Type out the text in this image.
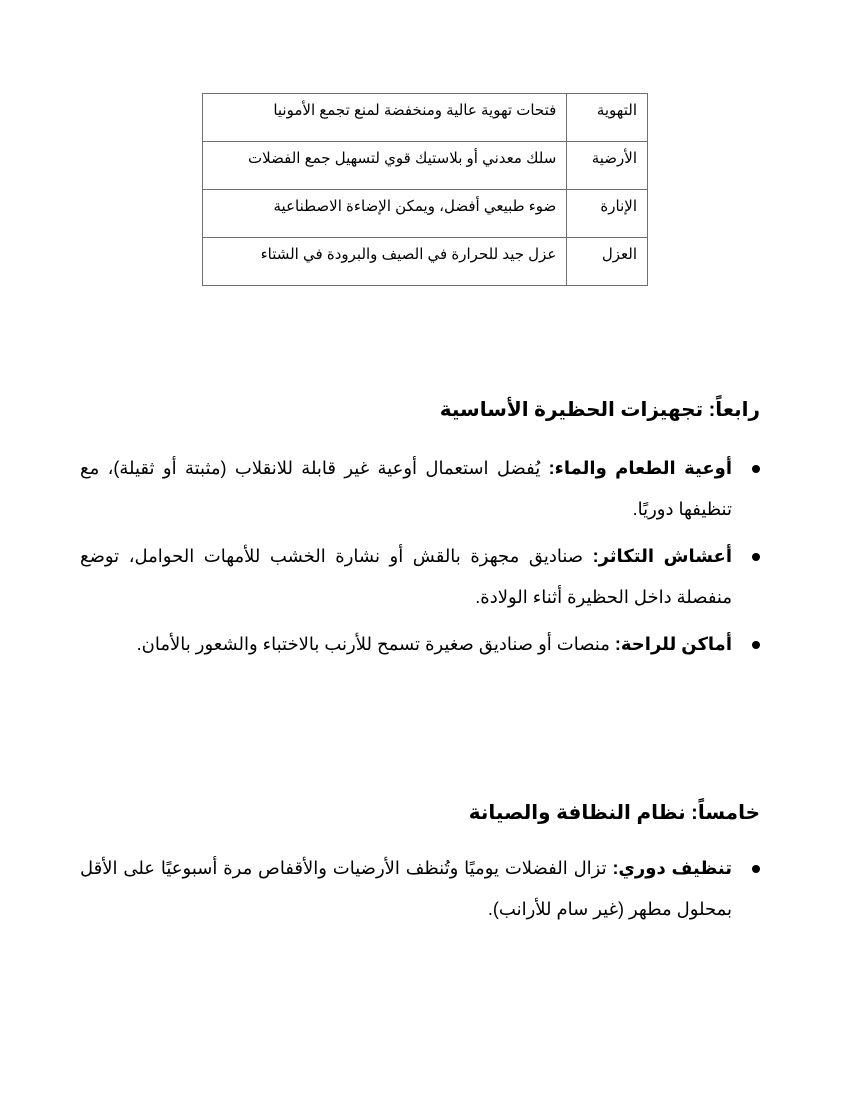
التهوية	فتحات تهوية عالية ومنخفضة لمنع تجمع الأمونيا
الأرضية	سلك معدني أو بلاستيك قوي لتسهيل جمع الفضلات
الإنارة	ضوء طبيعي أفضل، ويمكن الإضاءة الاصطناعية
العزل	عزل جيد للحرارة في الصيف والبرودة في الشتاء
رابعاً: تجهيزات الحظيرة الأساسية
أوعية الطعام والماء: يُفضل استعمال أوعية غير قابلة للانقلاب (مثبتة أو ثقيلة)، مع تنظيفها دوريًا.
أعشاش التكاثر: صناديق مجهزة بالقش أو نشارة الخشب للأمهات الحوامل، توضع منفصلة داخل الحظيرة أثناء الولادة.
أماكن للراحة: منصات أو صناديق صغيرة تسمح للأرنب بالاختباء والشعور بالأمان.
خامساً: نظام النظافة والصيانة
تنظيف دوري: تزال الفضلات يوميًا وتُنظف الأرضيات والأقفاص مرة أسبوعيًا على الأقل بمحلول مطهر (غير سام للأرانب).
